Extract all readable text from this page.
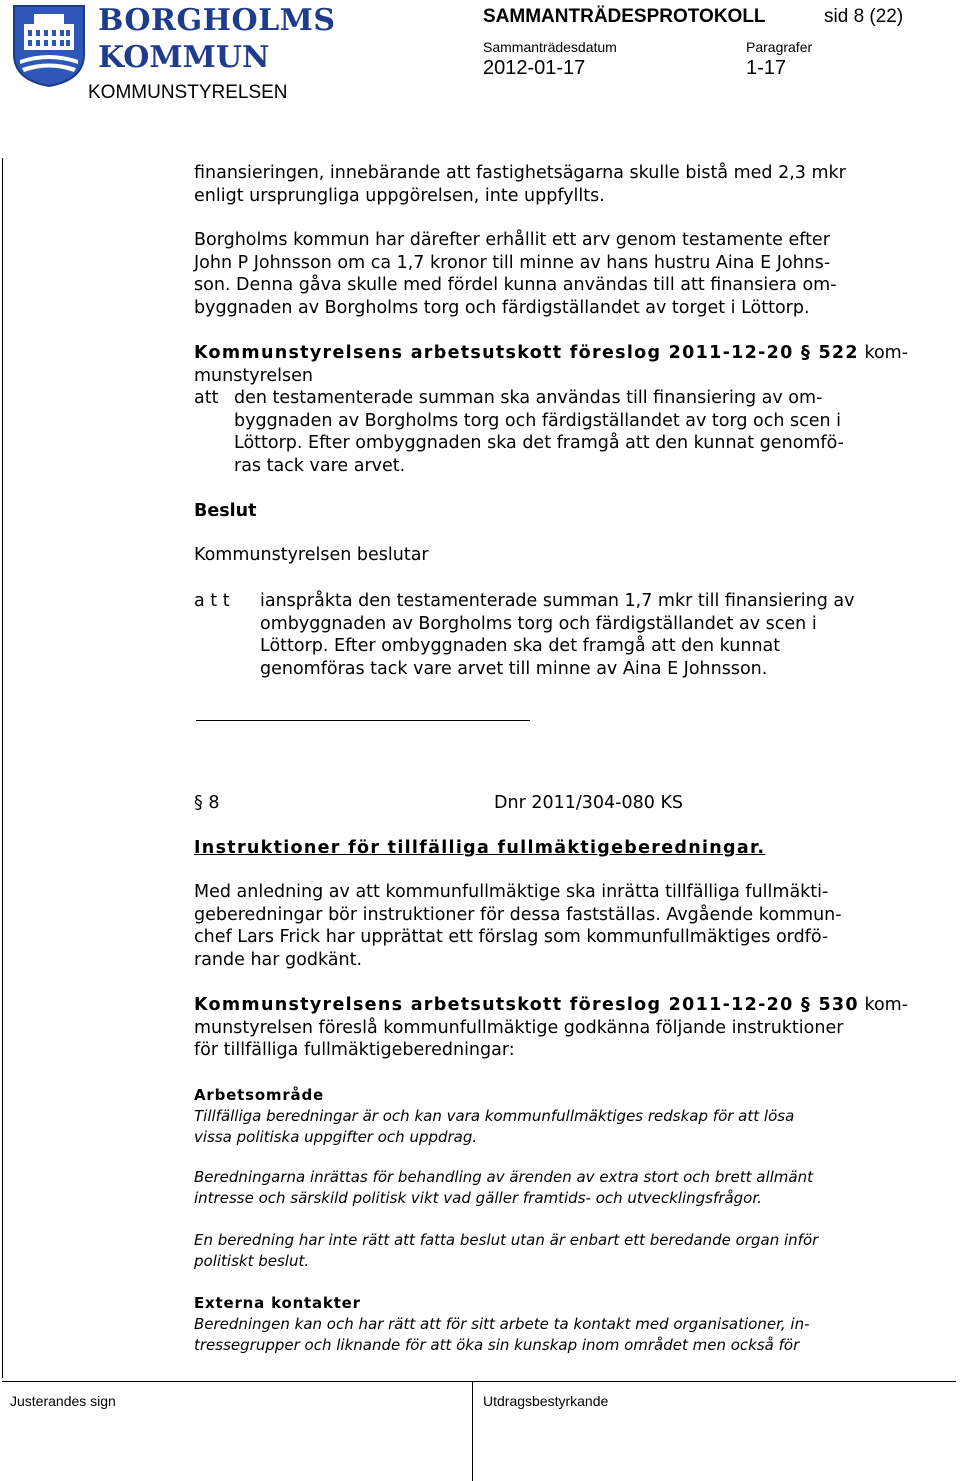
BORGHOLMS
KOMMUN
KOMMUNSTYRELSEN
SAMMANTRÄDESPROTOKOLL	sid 8 (22)
Sammanträdesdatum
2012-01-17
Paragrafer
1-17
finansieringen, innebärande att fastighetsägarna skulle bistå med 2,3 mkr
enligt ursprungliga uppgörelsen, inte uppfyllts.
Borgholms kommun har därefter erhållit ett arv genom testamente efter
John P Johnsson om ca 1,7 kronor till minne av hans hustru Aina E Johns-
son. Denna gåva skulle med fördel kunna användas till att finansiera om-
byggnaden av Borgholms torg och färdigställandet av torget i Löttorp.
Kommunstyrelsens arbetsutskott föreslog 2011-12-20 § 522 kom-
munstyrelsen
att den testamenterade summan ska användas till finansiering av om-
byggnaden av Borgholms torg och färdigställandet av torg och scen i
Löttorp. Efter ombyggnaden ska det framgå att den kunnat genomfö-
ras tack vare arvet.
Beslut
Kommunstyrelsen beslutar
a t t ianspråkta den testamenterade summan 1,7 mkr till finansiering av
ombyggnaden av Borgholms torg och färdigställandet av scen i
Löttorp. Efter ombyggnaden ska det framgå att den kunnat
genomföras tack vare arvet till minne av Aina E Johnsson.
§ 8	Dnr 2011/304-080 KS
Instruktioner för tillfälliga fullmäktigeberedningar.
Med anledning av att kommunfullmäktige ska inrätta tillfälliga fullmäkti-
geberedningar bör instruktioner för dessa fastställas. Avgående kommun-
chef Lars Frick har upprättat ett förslag som kommunfullmäktiges ordfö-
rande har godkänt.
Kommunstyrelsens arbetsutskott föreslog 2011-12-20 § 530 kom-
munstyrelsen föreslå kommunfullmäktige godkänna följande instruktioner
för tillfälliga fullmäktigeberedningar:
Arbetsområde
Tillfälliga beredningar är och kan vara kommunfullmäktiges redskap för att lösa
vissa politiska uppgifter och uppdrag.
Beredningarna inrättas för behandling av ärenden av extra stort och brett allmänt
intresse och särskild politisk vikt vad gäller framtids- och utvecklingsfrågor.
En beredning har inte rätt att fatta beslut utan är enbart ett beredande organ inför
politiskt beslut.
Externa kontakter
Beredningen kan och har rätt att för sitt arbete ta kontakt med organisationer, in-
tressegrupper och liknande för att öka sin kunskap inom området men också för
Justerandes sign	Utdragsbestyrkande
